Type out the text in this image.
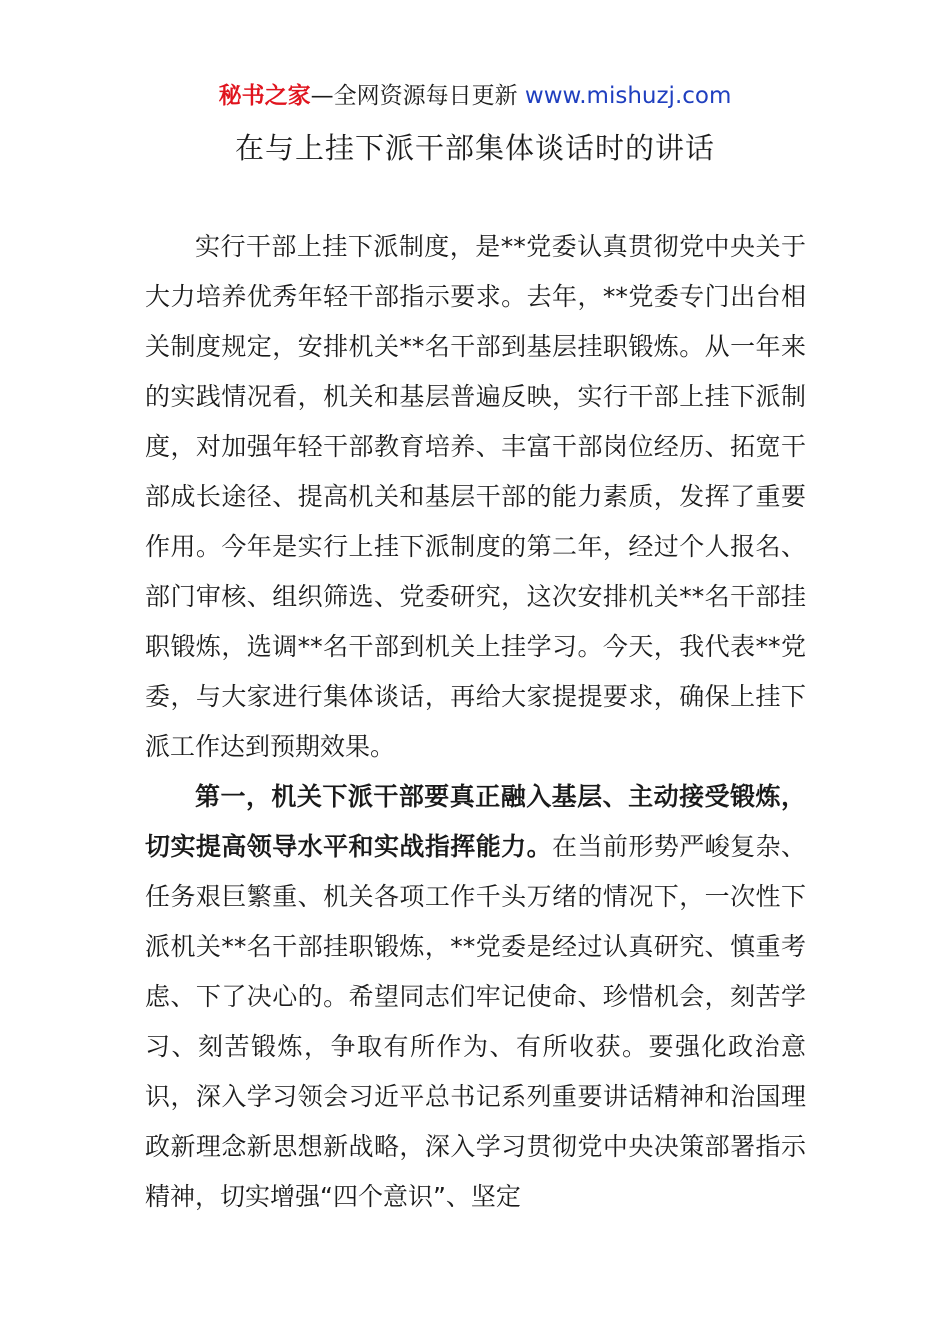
秘书之家—全网资源每日更新 www.mishuzj.com
在与上挂下派干部集体谈话时的讲话

实行干部上挂下派制度，是**党委认真贯彻党中央关于大力培养优秀年轻干部指示要求。去年，**党委专门出台相关制度规定，安排机关**名干部到基层挂职锻炼。从一年来的实践情况看，机关和基层普遍反映，实行干部上挂下派制度，对加强年轻干部教育培养、丰富干部岗位经历、拓宽干部成长途径、提高机关和基层干部的能力素质，发挥了重要作用。今年是实行上挂下派制度的第二年，经过个人报名、部门审核、组织筛选、党委研究，这次安排机关**名干部挂职锻炼，选调**名干部到机关上挂学习。今天，我代表**党委，与大家进行集体谈话，再给大家提提要求，确保上挂下派工作达到预期效果。

第一，机关下派干部要真正融入基层、主动接受锻炼，切实提高领导水平和实战指挥能力。在当前形势严峻复杂、任务艰巨繁重、机关各项工作千头万绪的情况下，一次性下派机关**名干部挂职锻炼，**党委是经过认真研究、慎重考虑、下了决心的。希望同志们牢记使命、珍惜机会，刻苦学习、刻苦锻炼，争取有所作为、有所收获。要强化政治意识，深入学习领会习近平总书记系列重要讲话精神和治国理政新理念新思想新战略，深入学习贯彻党中央决策部署指示精神，切实增强“四个意识”、坚定
